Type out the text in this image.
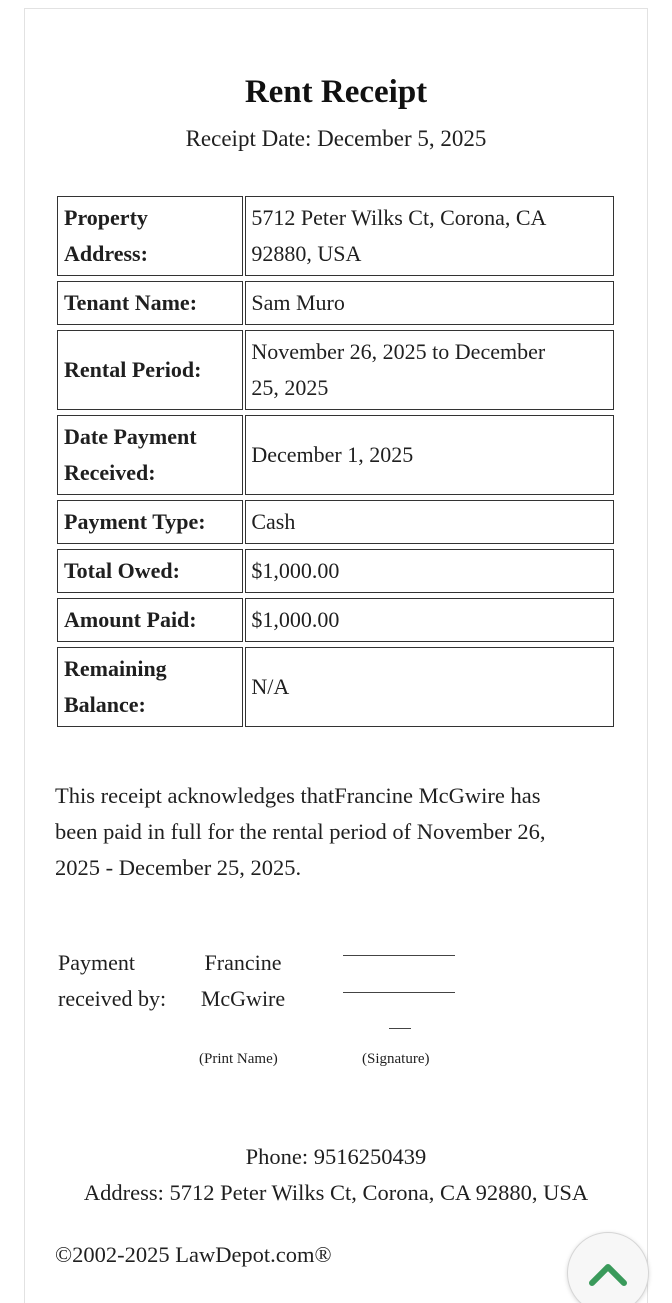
Rent Receipt
Receipt Date: December 5, 2025
Property
Address:		5712 Peter Wilks Ct, Corona, CA
92880, USA
Tenant Name:		Sam Muro
Rental Period:		November 26, 2025 to December
25, 2025
Date Payment
Received:		December 1, 2025
Payment Type:		Cash
Total Owed:		$1,000.00
Amount Paid:		$1,000.00
Remaining
Balance:		N/A
This receipt acknowledges thatFrancine McGwire has
been paid in full for the rental period of November 26,
2025 - December 25, 2025.
Payment
received by:
Francine
McGwire
(Print Name)	(Signature)
Phone: 9516250439
Address: 5712 Peter Wilks Ct, Corona, CA 92880, USA
©2002-2025 LawDepot.com®
